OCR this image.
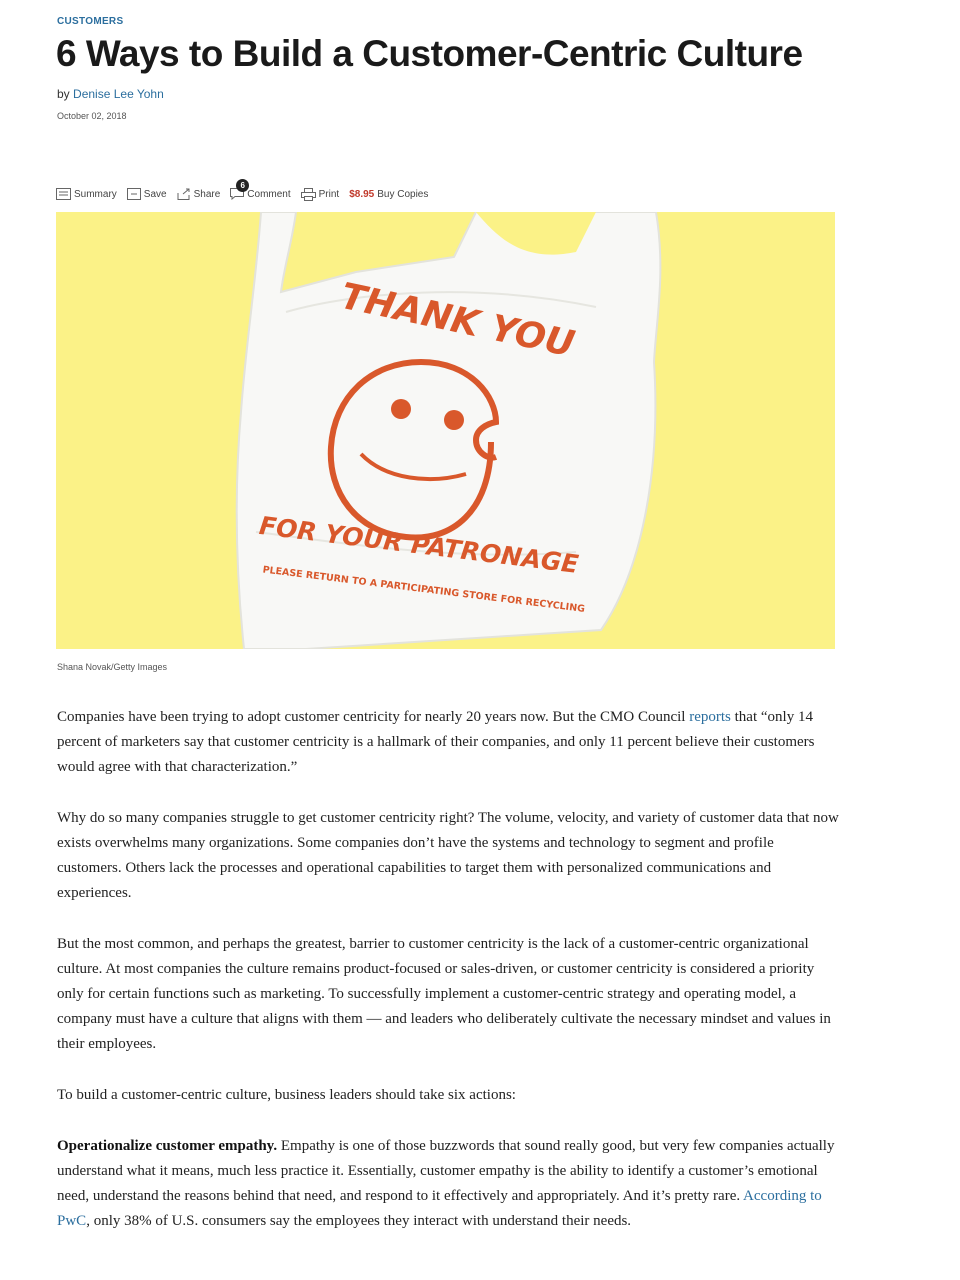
CUSTOMERS
6 Ways to Build a Customer-Centric Culture
by Denise Lee Yohn
October 02, 2018
Summary	Save	Share
6
Comment	Print $8.95 Buy Copies
THANK YOU
FOR YOUR PATRONAGE
PLEASE RETURN TO A PARTICIPATING STORE FOR RECYCLING
Shana Novak/Getty Images

Companies have been trying to adopt customer centricity for nearly 20 years now. But the CMO Council reports that “only 14 percent of marketers say that customer centricity is a hallmark of their companies, and only 11 percent believe their customers would agree with that characterization.”

Why do so many companies struggle to get customer centricity right? The volume, velocity, and variety of customer data that now exists overwhelms many organizations. Some companies don’t have the systems and technology to segment and profile customers. Others lack the processes and operational capabilities to target them with personalized communications and experiences.

But the most common, and perhaps the greatest, barrier to customer centricity is the lack of a customer-centric organizational culture. At most companies the culture remains product-focused or sales-driven, or customer centricity is considered a priority only for certain functions such as marketing. To successfully implement a customer-centric strategy and operating model, a company must have a culture that aligns with them — and leaders who deliberately cultivate the necessary mindset and values in their employees.

To build a customer-centric culture, business leaders should take six actions:

Operationalize customer empathy. Empathy is one of those buzzwords that sound really good, but very few companies actually understand what it means, much less practice it. Essentially, customer empathy is the ability to identify a customer’s emotional need, understand the reasons behind that need, and respond to it effectively and appropriately. And it’s pretty rare. According to PwC, only 38% of U.S. consumers say the employees they interact with understand their needs.
